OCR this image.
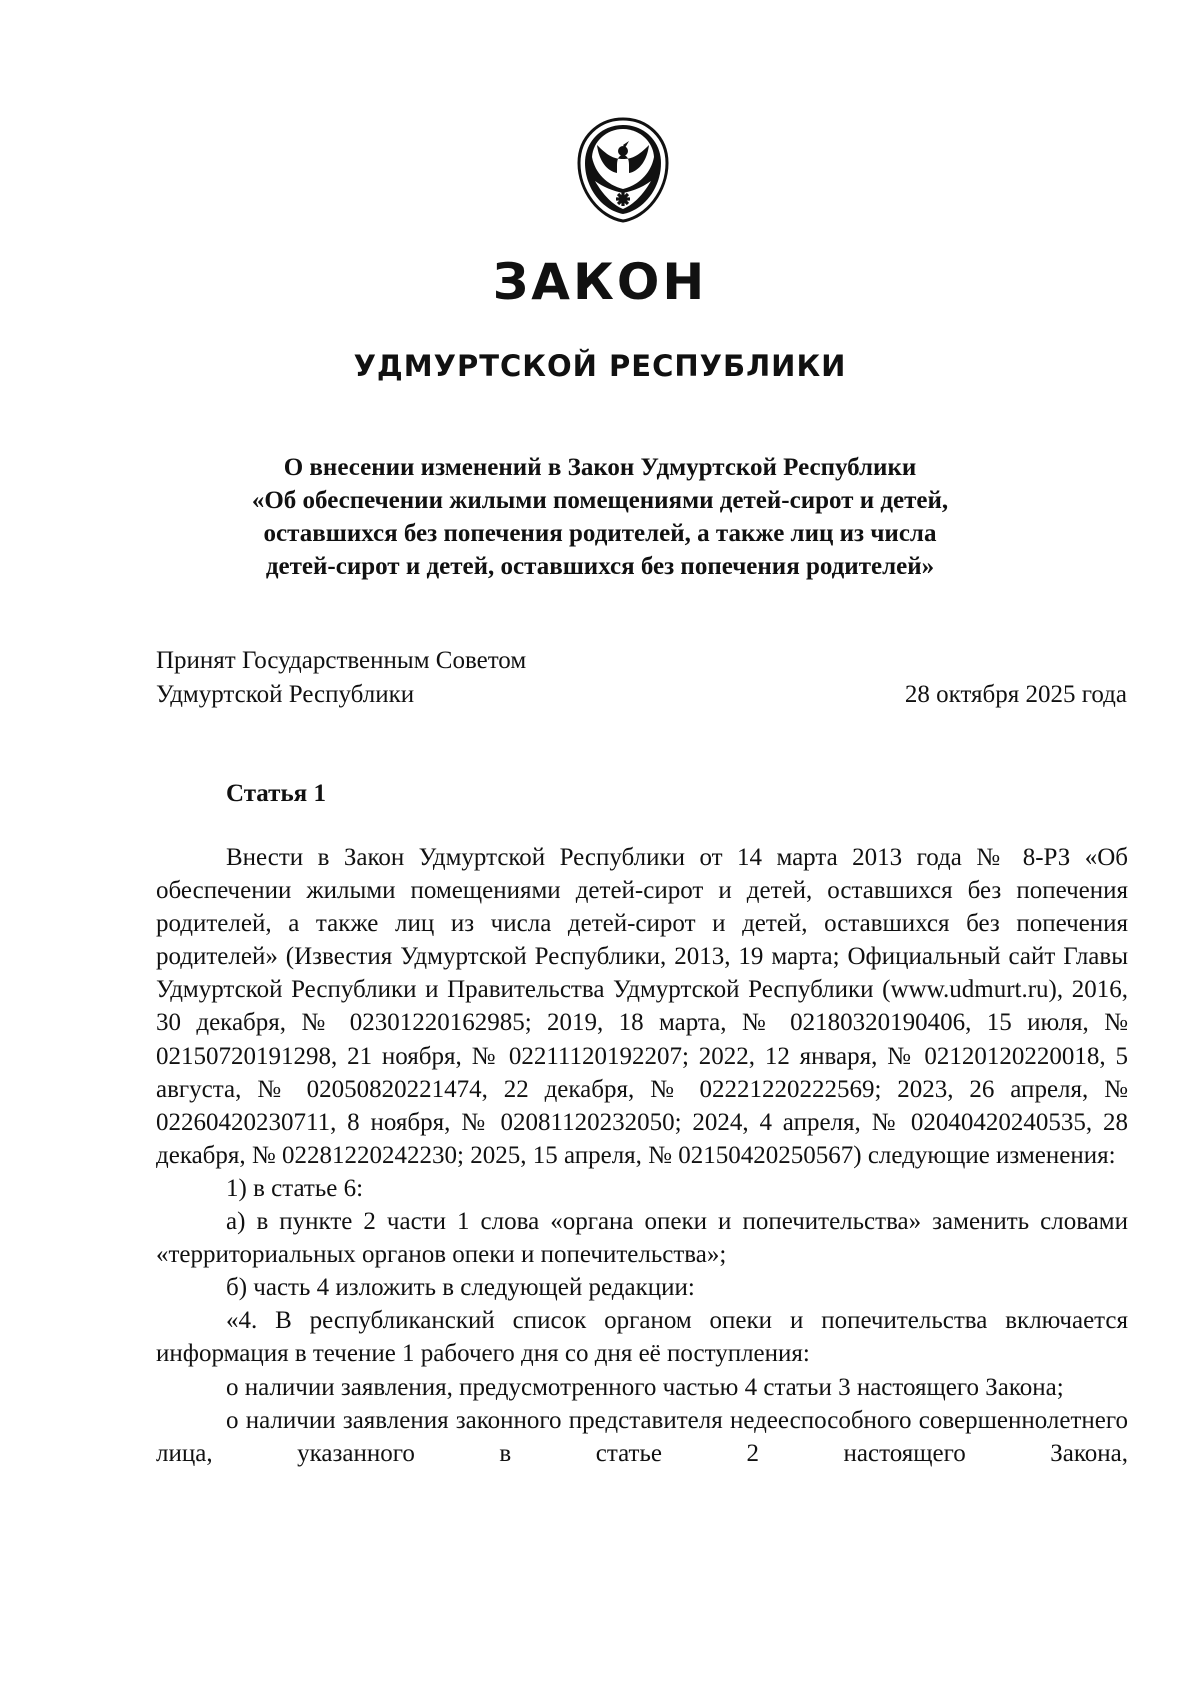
ЗАКОН
УДМУРТСКОЙ РЕСПУБЛИКИ
О внесении изменений в Закон Удмуртской Республики
«Об обеспечении жилыми помещениями детей-сирот и детей,
оставшихся без попечения родителей, а также лиц из числа
детей-сирот и детей, оставшихся без попечения родителей»
Принят Государственным Советом
Удмуртской Республики	28 октября 2025 года
Статья 1

Внести в Закон Удмуртской Республики от 14 марта 2013 года № 8-РЗ «Об обеспечении жилыми помещениями детей-сирот и детей, оставшихся без попечения родителей, а также лиц из числа детей-сирот и детей, оставшихся без попечения родителей» (Известия Удмуртской Республики, 2013, 19 марта; Официальный сайт Главы Удмуртской Республики и Правительства Удмуртской Республики (www.udmurt.ru), 2016, 30 декабря, № 02301220162985; 2019, 18 марта, № 02180320190406, 15 июля, № 02150720191298, 21 ноября, № 02211120192207; 2022, 12 января, № 02120120220018, 5 августа, № 02050820221474, 22 декабря, № 02221220222569; 2023, 26 апреля, № 02260420230711, 8 ноября, № 02081120232050; 2024, 4 апреля, № 02040420240535, 28 декабря, № 02281220242230; 2025, 15 апреля, № 02150420250567) следующие изменения:

1) в статье 6:

а) в пункте 2 части 1 слова «органа опеки и попечительства» заменить словами «территориальных органов опеки и попечительства»;

б) часть 4 изложить в следующей редакции:

«4. В республиканский список органом опеки и попечительства включается информация в течение 1 рабочего дня со дня её поступления:

о наличии заявления, предусмотренного частью 4 статьи 3 настоящего Закона;

о наличии заявления законного представителя недееспособного совершеннолетнего лица, указанного в статье 2 настоящего Закона,
